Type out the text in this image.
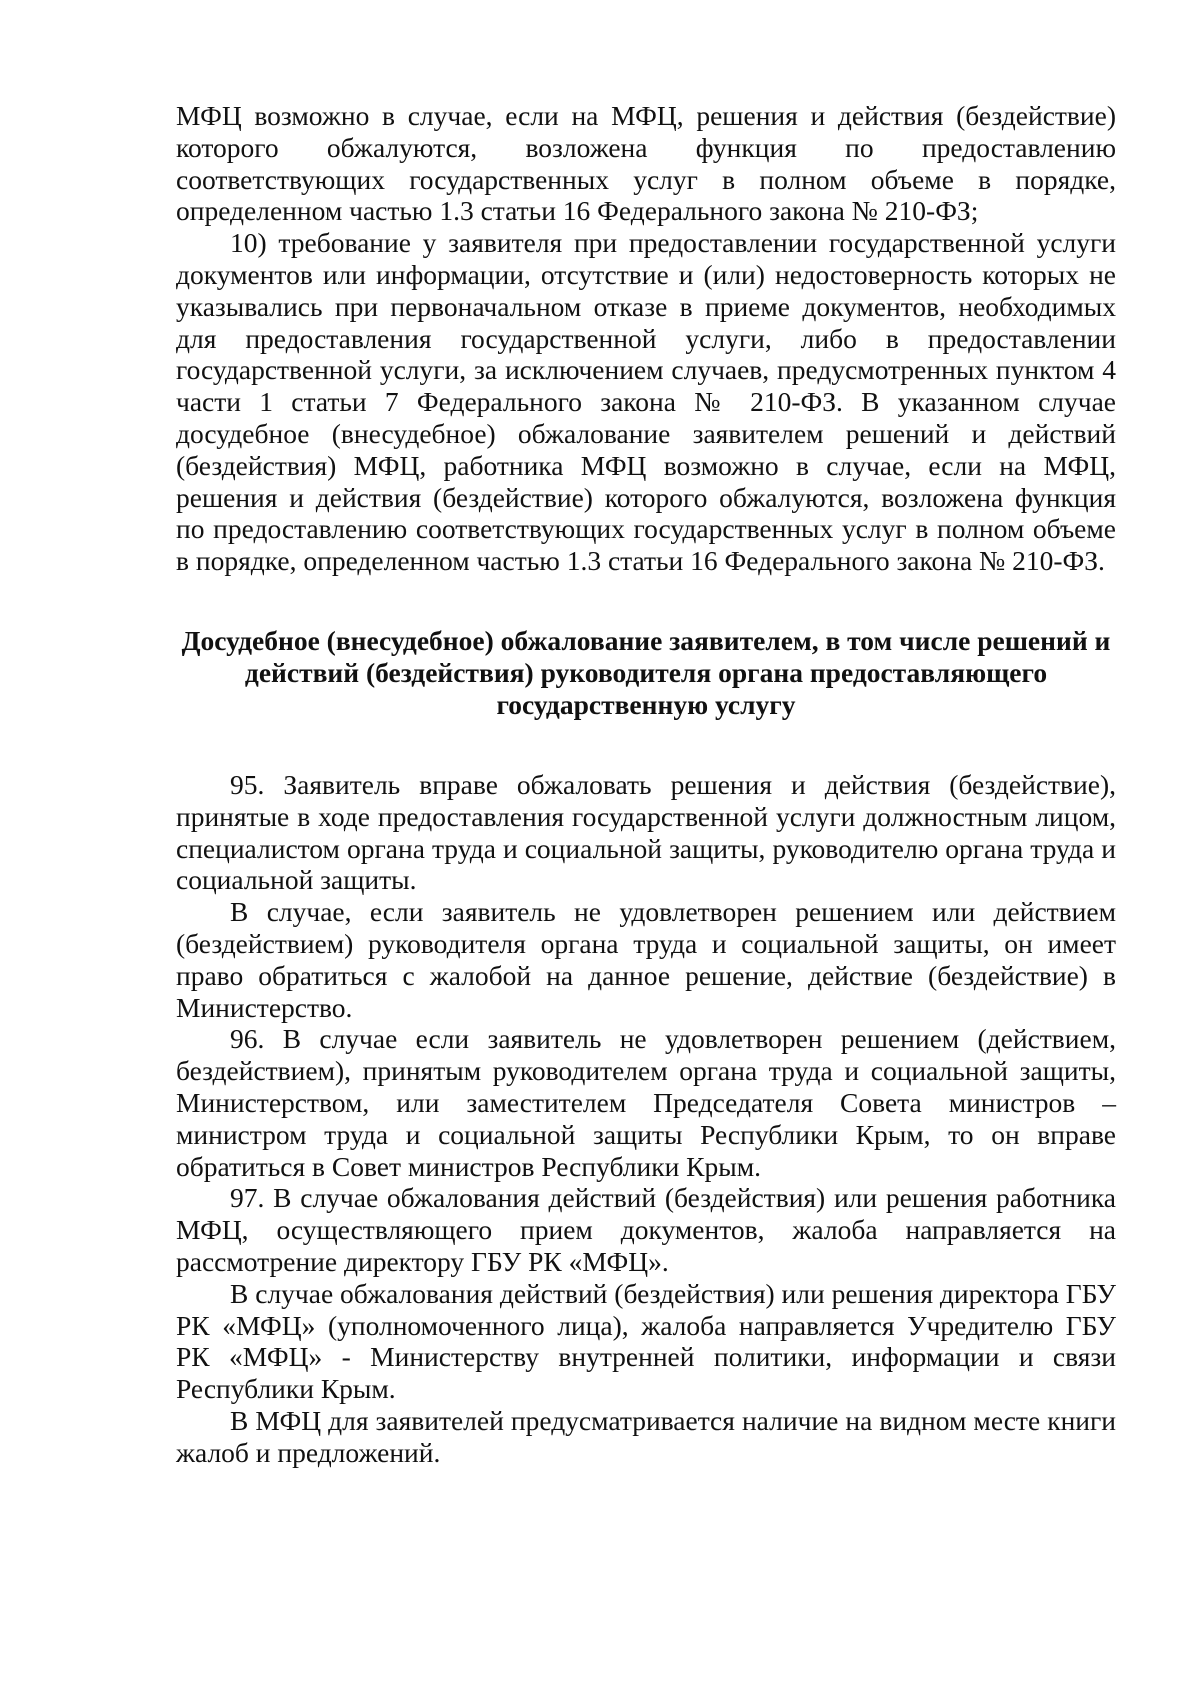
МФЦ возможно в случае, если на МФЦ, решения и действия (бездействие) которого обжалуются, возложена функция по предоставлению соответствующих государственных услуг в полном объеме в порядке, определенном частью 1.3 статьи 16 Федерального закона № 210-ФЗ;

10) требование у заявителя при предоставлении государственной услуги документов или информации, отсутствие и (или) недостоверность которых не указывались при первоначальном отказе в приеме документов, необходимых для предоставления государственной услуги, либо в предоставлении государственной услуги, за исключением случаев, предусмотренных пунктом 4 части 1 статьи 7 Федерального закона № 210-ФЗ. В указанном случае досудебное (внесудебное) обжалование заявителем решений и действий (бездействия) МФЦ, работника МФЦ возможно в случае, если на МФЦ, решения и действия (бездействие) которого обжалуются, возложена функция по предоставлению соответствующих государственных услуг в полном объеме в порядке, определенном частью 1.3 статьи 16 Федерального закона № 210-ФЗ.

Досудебное (внесудебное) обжалование заявителем, в том числе решений и действий (бездействия) руководителя органа предоставляющего государственную услугу

95. Заявитель вправе обжаловать решения и действия (бездействие), принятые в ходе предоставления государственной услуги должностным лицом, специалистом органа труда и социальной защиты, руководителю органа труда и социальной защиты.

В случае, если заявитель не удовлетворен решением или действием (бездействием) руководителя органа труда и социальной защиты, он имеет право обратиться с жалобой на данное решение, действие (бездействие) в Министерство.

96. В случае если заявитель не удовлетворен решением (действием, бездействием), принятым руководителем органа труда и социальной защиты, Министерством, или заместителем Председателя Совета министров – министром труда и социальной защиты Республики Крым, то он вправе обратиться в Совет министров Республики Крым.

97. В случае обжалования действий (бездействия) или решения работника МФЦ, осуществляющего прием документов, жалоба направляется на рассмотрение директору ГБУ РК «МФЦ».

В случае обжалования действий (бездействия) или решения директора ГБУ РК «МФЦ» (уполномоченного лица), жалоба направляется Учредителю ГБУ РК «МФЦ» - Министерству внутренней политики, информации и связи Республики Крым.

В МФЦ для заявителей предусматривается наличие на видном месте книги жалоб и предложений.
